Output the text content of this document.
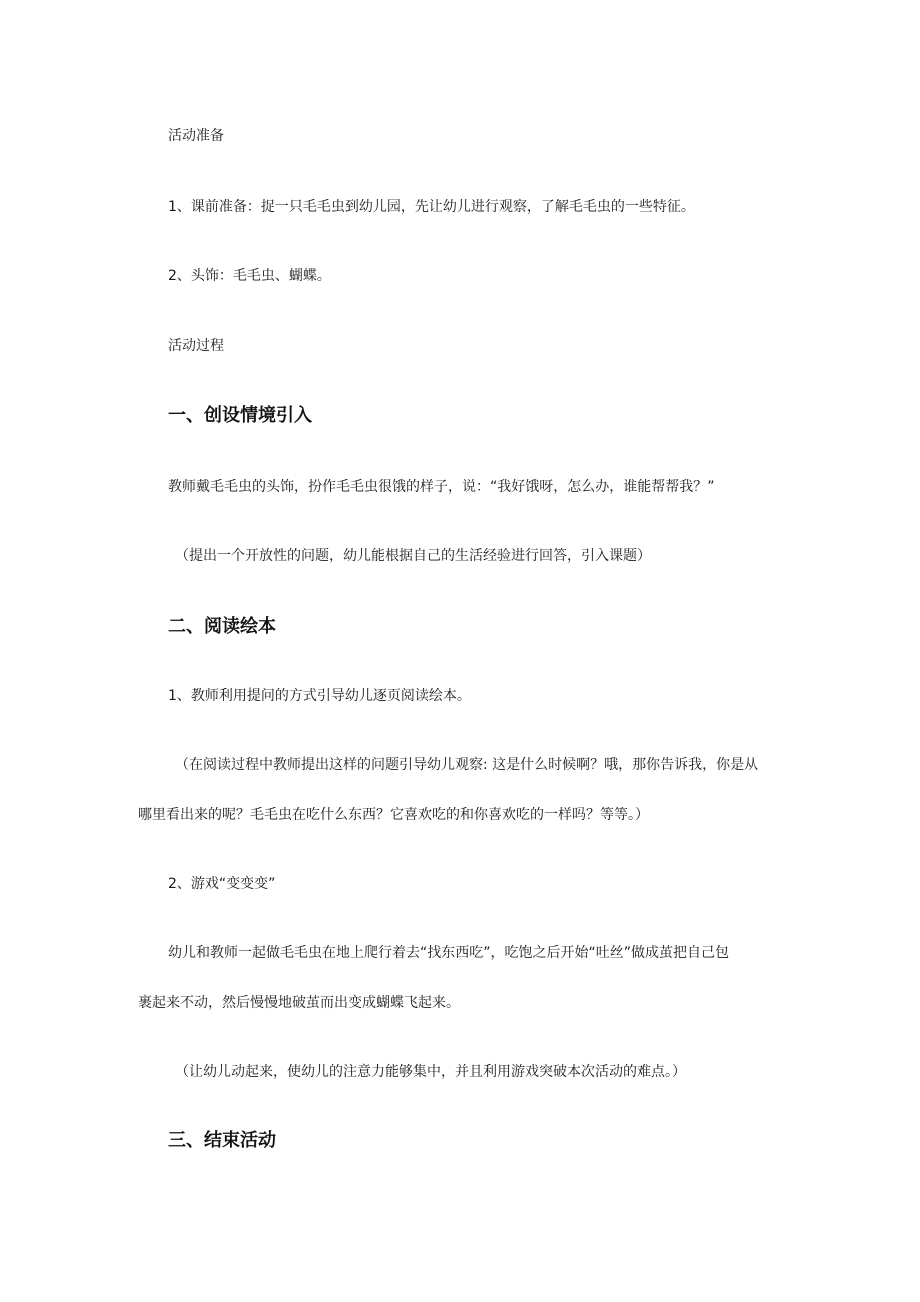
活动准备

1、课前准备：捉一只毛毛虫到幼儿园，先让幼儿进行观察，了解毛毛虫的一些特征。

2、头饰：毛毛虫、蝴蝶。

活动过程

一、创设情境引入

教师戴毛毛虫的头饰，扮作毛毛虫很饿的样子，说：“我好饿呀，怎么办，谁能帮帮我？”

（提出一个开放性的问题，幼儿能根据自己的生活经验进行回答，引入课题）

二、阅读绘本

1、教师利用提问的方式引导幼儿逐页阅读绘本。

（在阅读过程中教师提出这样的问题引导幼儿观察: 这是什么时候啊？哦，那你告诉我，你是从

哪里看出来的呢？毛毛虫在吃什么东西？它喜欢吃的和你喜欢吃的一样吗？等等。）

2、游戏“变变变”

幼儿和教师一起做毛毛虫在地上爬行着去“找东西吃”，吃饱之后开始“吐丝”做成茧把自己包

裹起来不动，然后慢慢地破茧而出变成蝴蝶飞起来。

（让幼儿动起来，使幼儿的注意力能够集中，并且利用游戏突破本次活动的难点。）

三、结束活动
